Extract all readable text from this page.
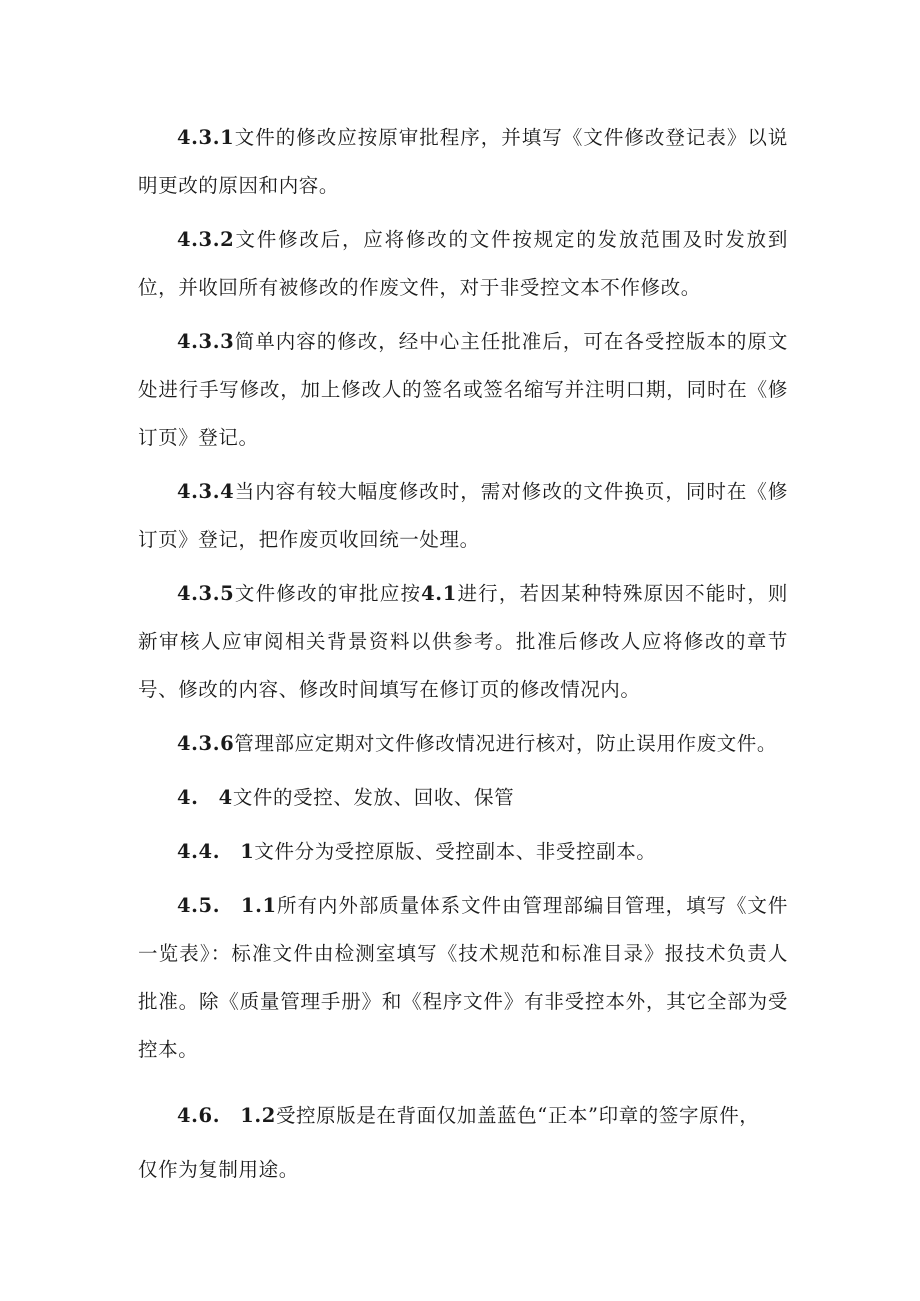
4.3.1文件的修改应按原审批程序，并填写《文件修改登记表》以说明更改的原因和内容。

4.3.2文件修改后，应将修改的文件按规定的发放范围及时发放到位，并收回所有被修改的作废文件，对于非受控文本不作修改。

4.3.3简单内容的修改，经中心主任批准后，可在各受控版本的原文处进行手写修改，加上修改人的签名或签名缩写并注明口期，同时在《修订页》登记。

4.3.4当内容有较大幅度修改时，需对修改的文件换页，同时在《修订页》登记，把作废页收回统一处理。

4.3.5文件修改的审批应按4.1进行，若因某种特殊原因不能时，则新审核人应审阅相关背景资料以供参考。批准后修改人应将修改的章节号、修改的内容、修改时间填写在修订页的修改情况内。

4.3.6管理部应定期对文件修改情况进行核对，防止误用作废文件。

4.　4文件的受控、发放、回收、保管

4.4.　1文件分为受控原版、受控副本、非受控副本。

4.5.　1.1所有内外部质量体系文件由管理部编目管理，填写《文件一览表》：标准文件由检测室填写《技术规范和标准目录》报技术负责人批准。除《质量管理手册》和《程序文件》有非受控本外，其它全部为受控本。

4.6.　1.2受控原版是在背面仅加盖蓝色“正本”印章的签字原件，

仅作为复制用途。
